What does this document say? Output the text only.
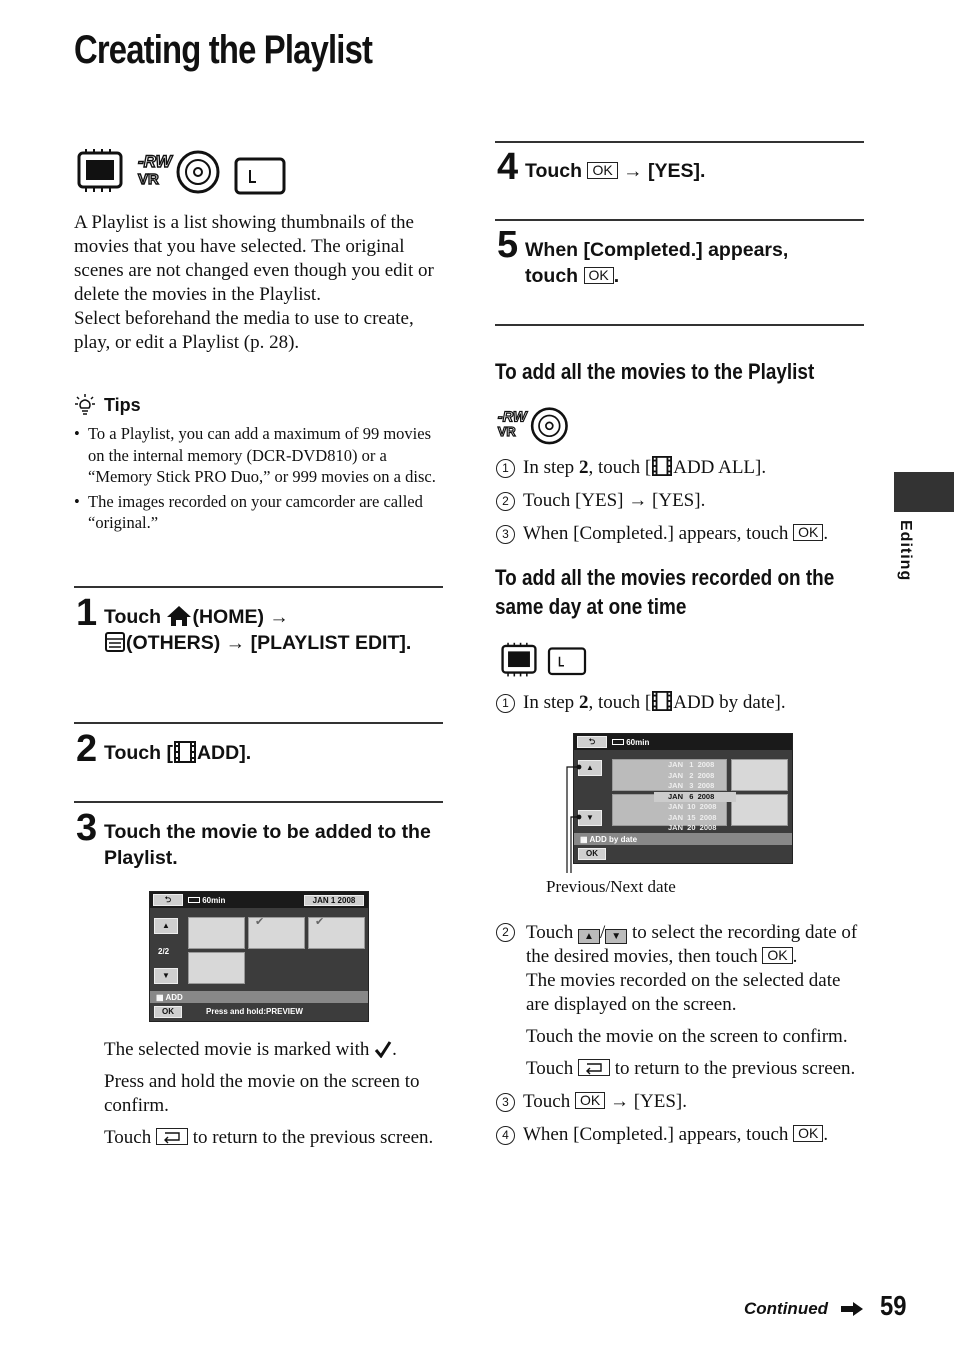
Creating the Playlist
-RW
VR

A Playlist is a list showing thumbnails of the movies that you have selected. The original scenes are not changed even though you edit or delete the movies in the Playlist.

Select beforehand the media to use to create, play, or edit a Playlist (p. 28).

Tips
• To a Playlist, you can add a maximum of 99 movies on the internal memory (DCR-DVD810) or a “Memory Stick PRO Duo,” or 999 movies on a disc.
• The images recorded on your camcorder are called “original.”
1 Touch (HOME) →
(OTHERS) → [PLAYLIST EDIT].
2 Touch [ ADD].
3 Touch the movie to be added to the Playlist.
⮌	60min	JAN 1 2008
▲
2/2
▼
✔	✔
▦ ADD
OK	Press and hold:PREVIEW

The selected movie is marked with .

Press and hold the movie on the screen to confirm.

Touch to return to the previous screen.

4 Touch OK → [YES].
5 When [Completed.] appears,
touch OK .
To add all the movies to the Playlist
-RW
VR

1 In step 2, touch [ ADD ALL].

2 Touch [YES] → [YES].

3 When [Completed.] appears, touch OK .

To add all the movies recorded on the
same day at one time
1 In step 2, touch [ ADD by date].
⮌	60min
▲
▼
JAN   1  2008
JAN   2  2008
JAN   3  2008
JAN   6  2008
JAN  10  2008
JAN  15  2008
JAN  20  2008
▦ ADD by date
OK
Previous/Next date
2 Touch ▲ / ▼ to select the recording date of the desired movies, then touch OK .
The movies recorded on the selected date are displayed on the screen.

Touch the movie on the screen to confirm.

Touch to return to the previous screen.

3 Touch OK → [YES].

4 When [Completed.] appears, touch OK .

Editing
Continued 59
